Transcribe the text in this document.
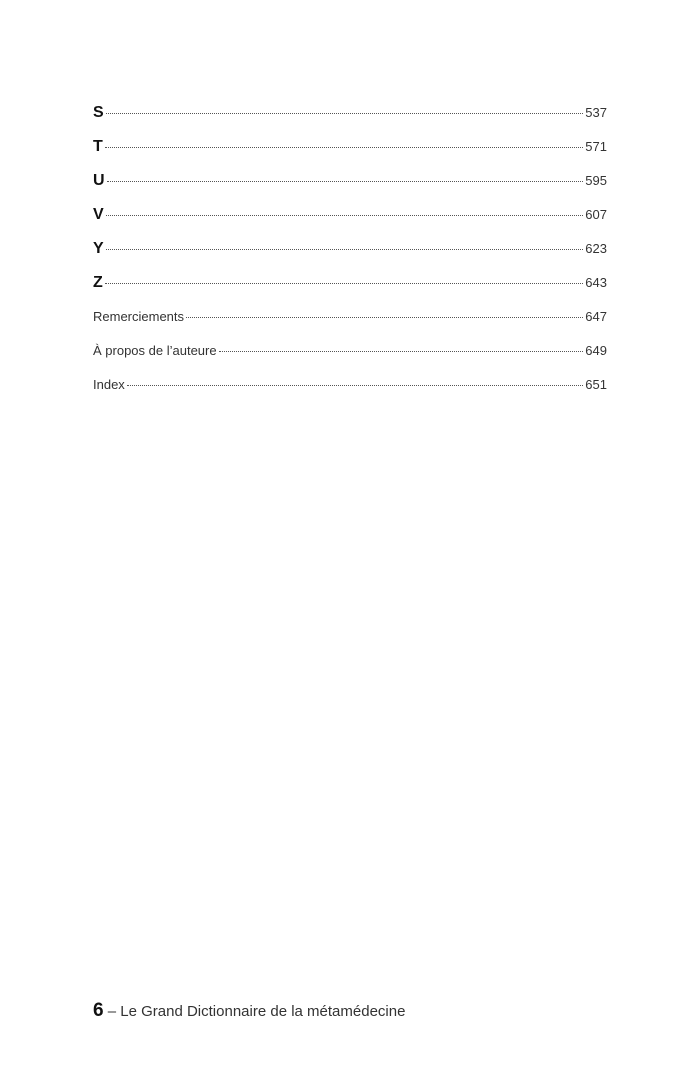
S	537
T	571
U	595
V	607
Y	623
Z	643
Remerciements	647
À propos de l’auteure	649
Index	651
6 – Le Grand Dictionnaire de la métamédecine
